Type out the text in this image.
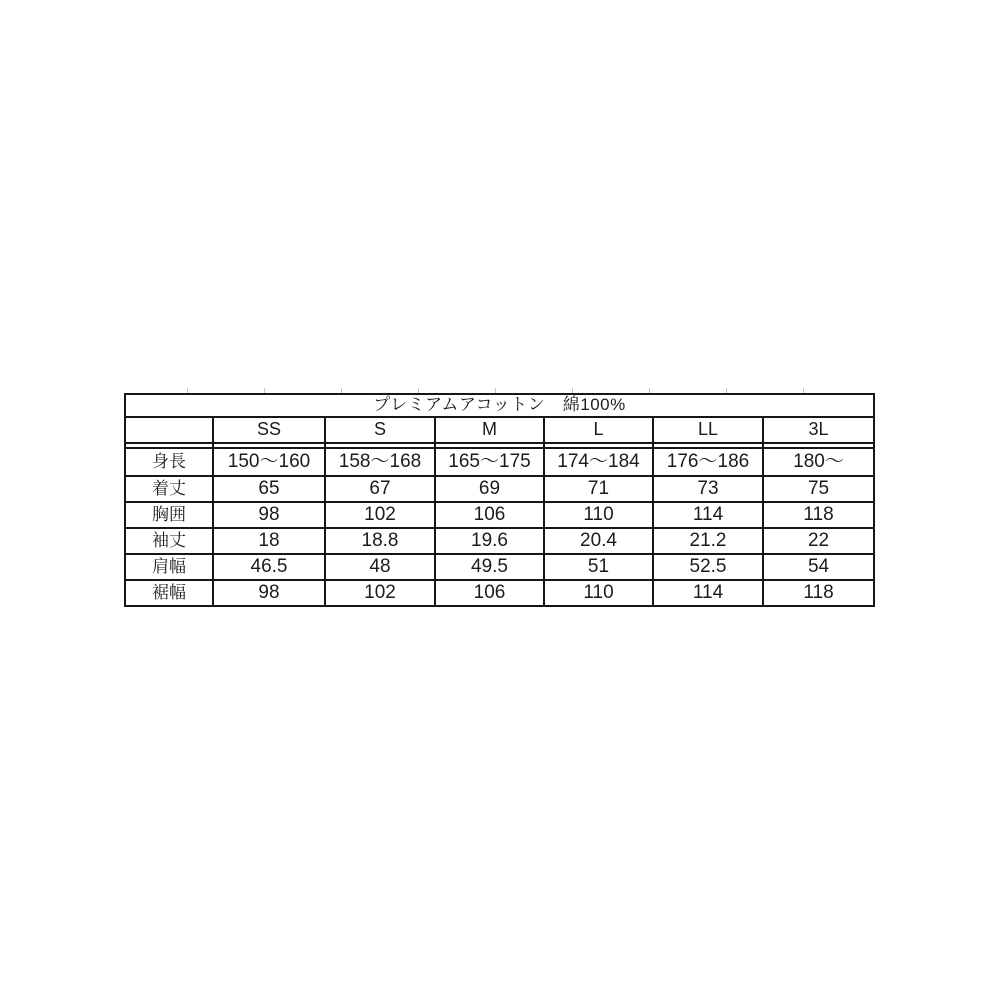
プレミアムアコットン　綿100%						
	SS	S	M	L	LL	3L

身長	150〜160	158〜168	165〜175	174〜184	176〜186	180〜
着丈	65	67	69	71	73	75
胸囲	98	102	106	110	114	118
袖丈	18	18.8	19.6	20.4	21.2	22
肩幅	46.5	48	49.5	51	52.5	54
裾幅	98	102	106	110	114	118
